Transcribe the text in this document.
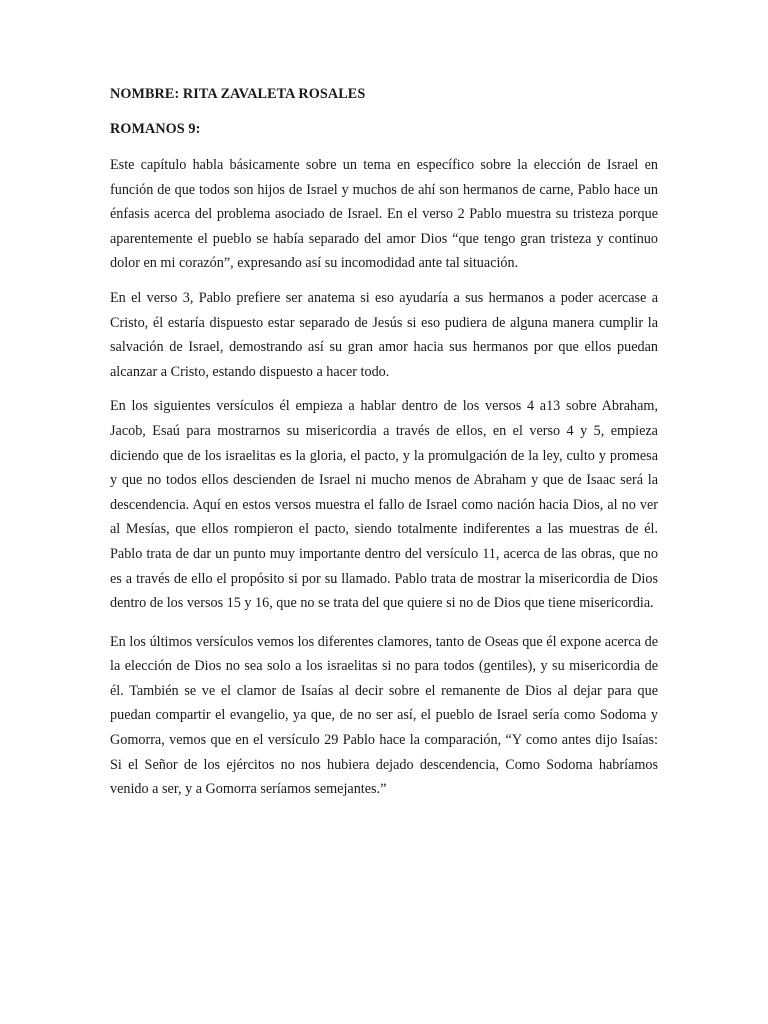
NOMBRE: RITA ZAVALETA ROSALES

ROMANOS 9:

Este capítulo habla básicamente sobre un tema en específico sobre la elección de Israel en función de que todos son hijos de Israel y muchos de ahí son hermanos de carne, Pablo hace un énfasis acerca del problema asociado de Israel. En el verso 2 Pablo muestra su tristeza porque aparentemente el pueblo se había separado del amor Dios “que tengo gran tristeza y continuo dolor en mi corazón”, expresando así su incomodidad ante tal situación.

En el verso 3, Pablo prefiere ser anatema si eso ayudaría a sus hermanos a poder acercase a Cristo, él estaría dispuesto estar separado de Jesús si eso pudiera de alguna manera cumplir la salvación de Israel, demostrando así su gran amor hacia sus hermanos por que ellos puedan alcanzar a Cristo, estando dispuesto a hacer todo.

En los siguientes versículos él empieza a hablar dentro de los versos 4 a13 sobre Abraham, Jacob, Esaú para mostrarnos su misericordia a través de ellos, en el verso 4 y 5, empieza diciendo que de los israelitas es la gloria, el pacto, y la promulgación de la ley, culto y promesa y que no todos ellos descienden de Israel ni mucho menos de Abraham y que de Isaac será la descendencia. Aquí en estos versos muestra el fallo de Israel como nación hacia Dios, al no ver al Mesías, que ellos rompieron el pacto, siendo totalmente indiferentes a las muestras de él. Pablo trata de dar un punto muy importante dentro del versículo 11, acerca de las obras, que no es a través de ello el propósito si por su llamado. Pablo trata de mostrar la misericordia de Dios dentro de los versos 15 y 16, que no se trata del que quiere si no de Dios que tiene misericordia.

En los últimos versículos vemos los diferentes clamores, tanto de Oseas que él expone acerca de la elección de Dios no sea solo a los israelitas si no para todos (gentiles), y su misericordia de él. También se ve el clamor de Isaías al decir sobre el remanente de Dios al dejar para que puedan compartir el evangelio, ya que, de no ser así, el pueblo de Israel sería como Sodoma y Gomorra, vemos que en el versículo 29 Pablo hace la comparación, “Y como antes dijo Isaías: Si el Señor de los ejércitos no nos hubiera dejado descendencia, Como Sodoma habríamos venido a ser, y a Gomorra seríamos semejantes.”
